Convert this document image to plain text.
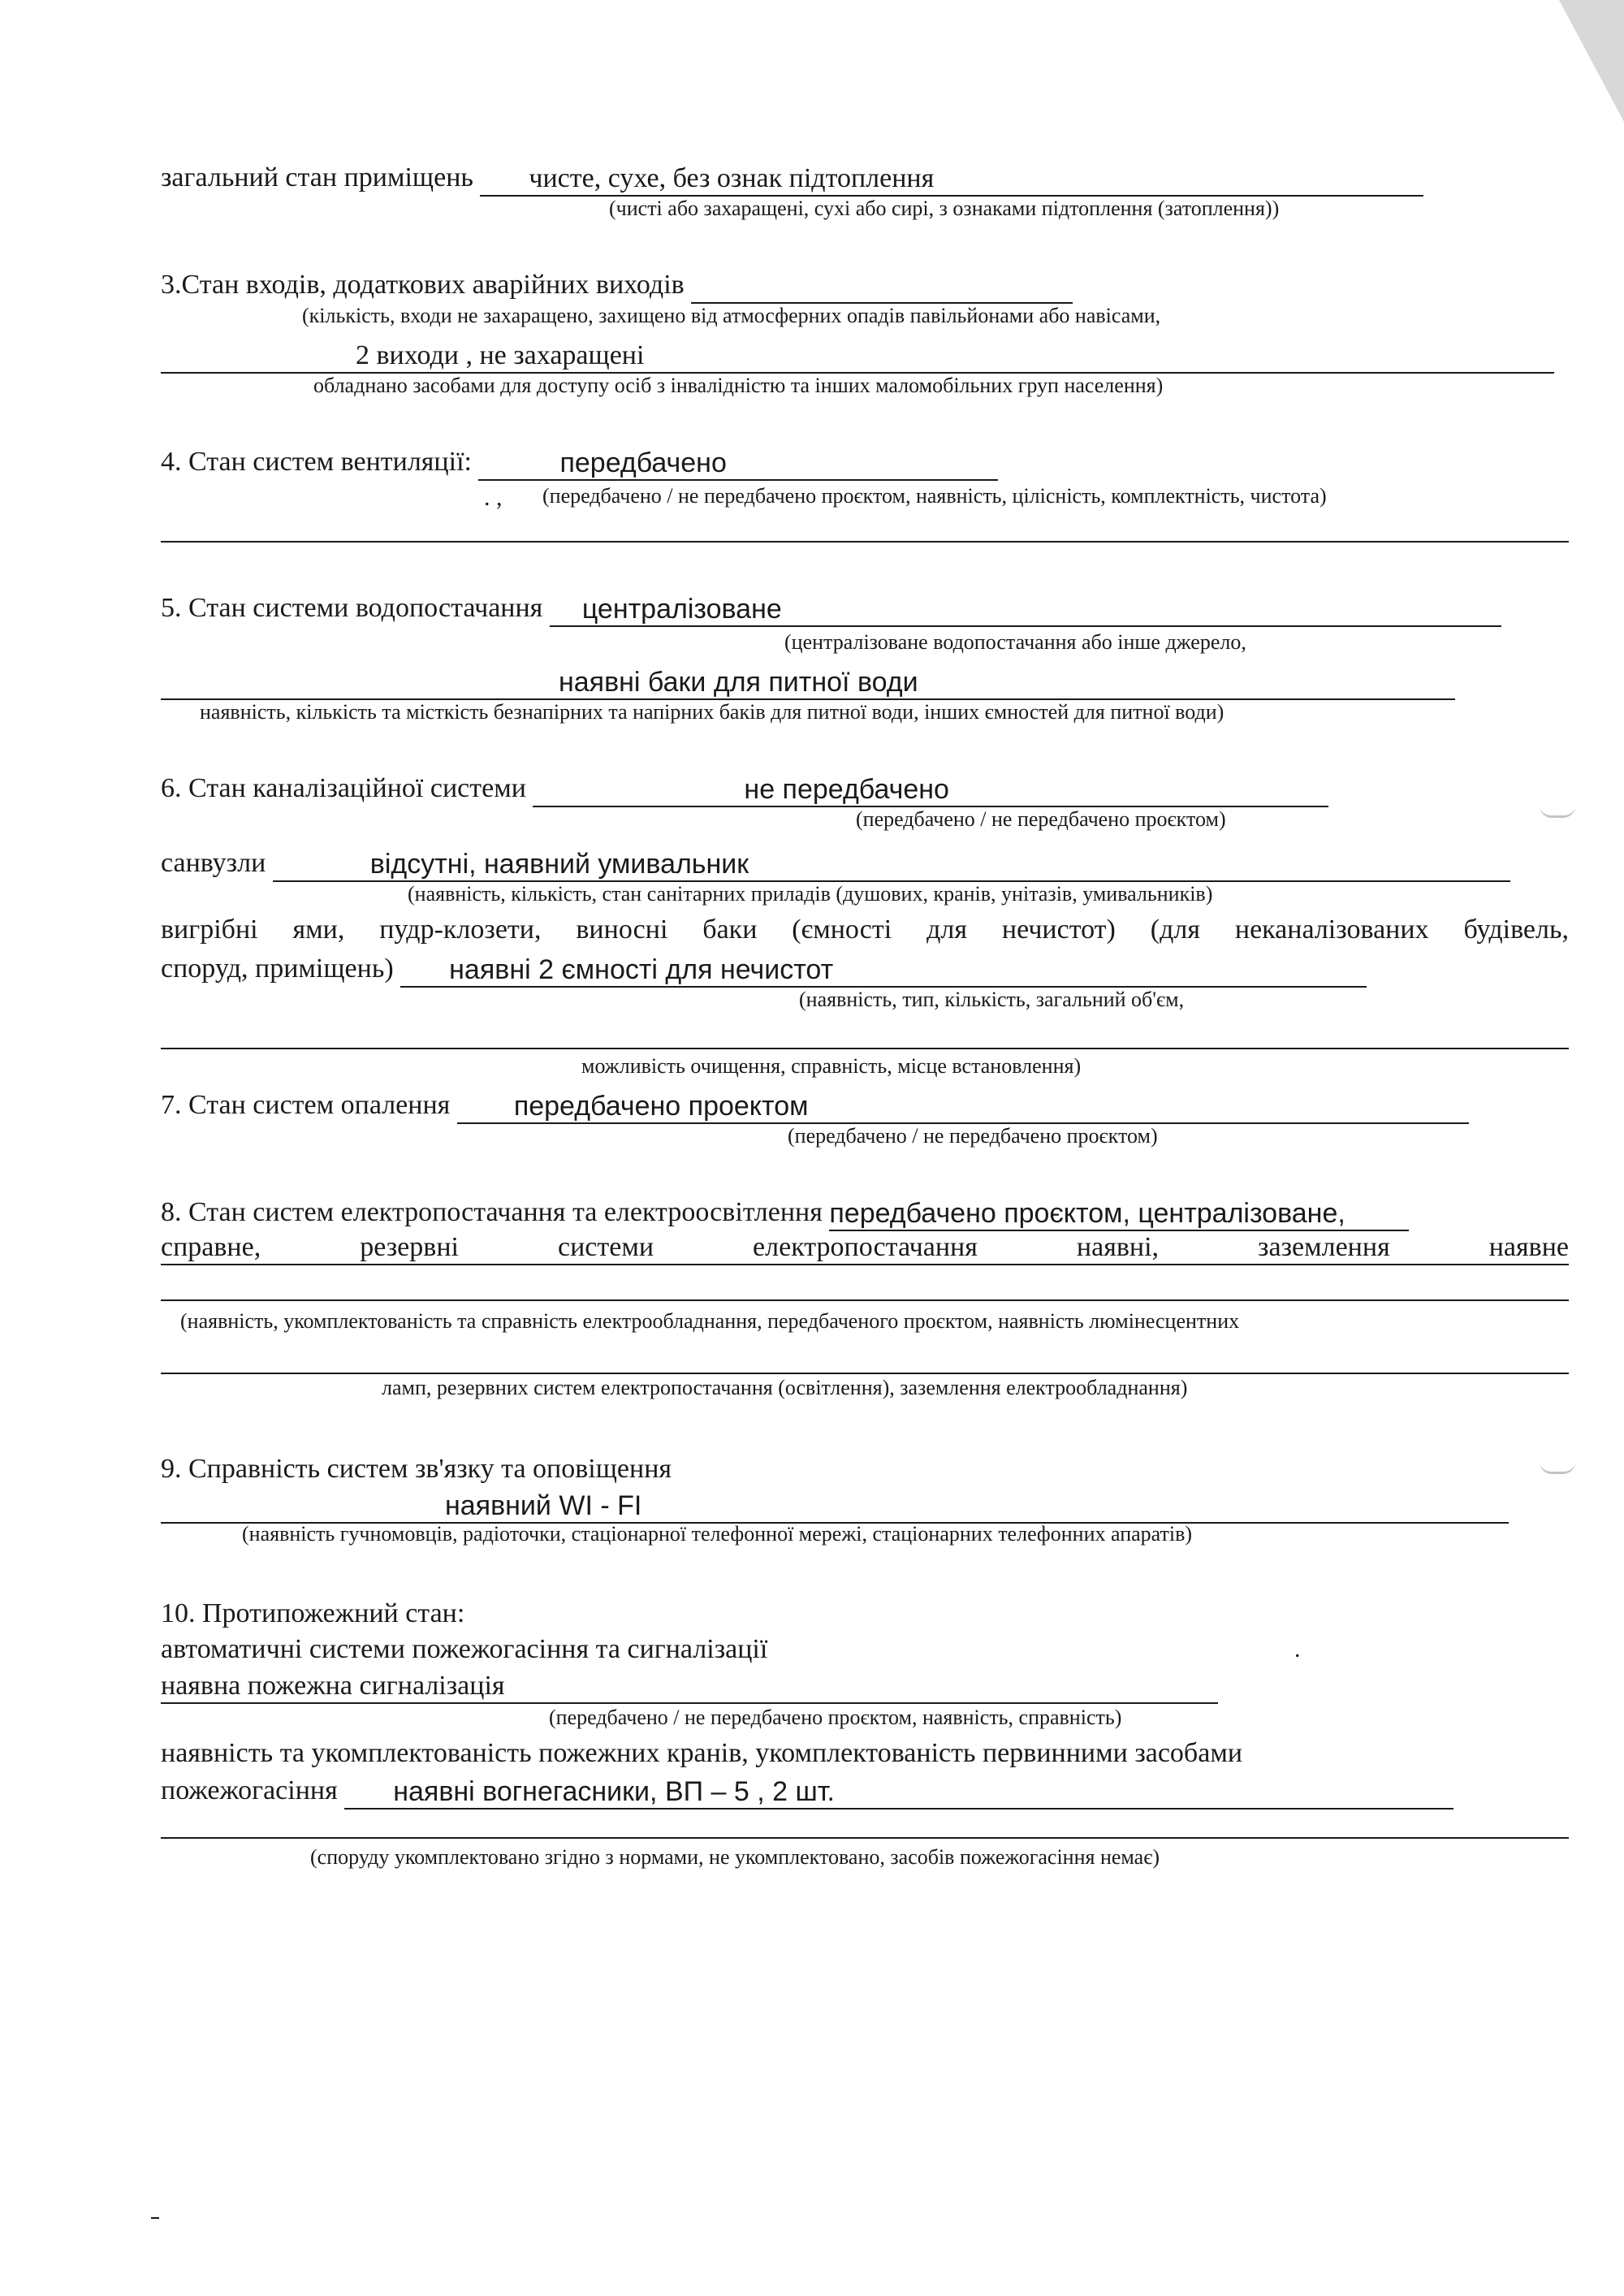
загальний стан приміщень чисте, сухе, без ознак підтоплення
(чисті або захаращені, сухі або сирі, з ознаками підтоплення (затоплення))
3.Стан входів, додаткових аварійних виходів
(кількість, входи не захаращено, захищено від атмосферних опадів павільйонами або навісами,
2 виходи , не захаращені
обладнано засобами для доступу осіб з інвалідністю та інших маломобільних груп населення)
4. Стан систем вентиляції:	передбачено
. , (передбачено / не передбачено проєктом, наявність, цілісність, комплектність, чистота)
5. Стан системи водопостачання централізоване
(централізоване водопостачання або інше джерело,
наявні баки для питної води
наявність, кількість та місткість безнапірних та напірних баків для питної води, інших ємностей для питної води)
6. Стан каналізаційної системи	не передбачено
(передбачено / не передбачено проєктом)
санвузли	відсутні, наявний умивальник
(наявність, кількість, стан санітарних приладів (душових, кранів, унітазів, умивальників)
вигрібні ями, пудр-клозети, виносні баки (ємності для нечистот) (для неканалізованих будівель,
споруд, приміщень) наявні 2 ємності для нечистот
(наявність, тип, кількість, загальний об'єм,
можливість очищення, справність, місце встановлення)
7. Стан систем опалення передбачено проектом
(передбачено / не передбачено проєктом)
8. Стан систем електропостачання та електроосвітлення передбачено проєктом, централізоване,
справне, резервні системи електропостачання наявні, заземлення наявне
(наявність, укомплектованість та справність електрообладнання, передбаченого проєктом, наявність люмінесцентних
ламп, резервних систем електропостачання (освітлення), заземлення електрообладнання)
9. Справність систем зв'язку та оповіщення
наявний WI - FI
(наявність гучномовців, радіоточки, стаціонарної телефонної мережі, стаціонарних телефонних апаратів)
10. Протипожежний стан:
автоматичні системи пожежогасіння та сигналізації	.
наявна пожежна сигналізація
(передбачено / не передбачено проєктом, наявність, справність)
наявність та укомплектованість пожежних кранів, укомплектованість первинними засобами
пожежогасіння наявні вогнегасники, ВП – 5 , 2 шт.
(споруду укомплектовано згідно з нормами, не укомплектовано, засобів пожежогасіння немає)
